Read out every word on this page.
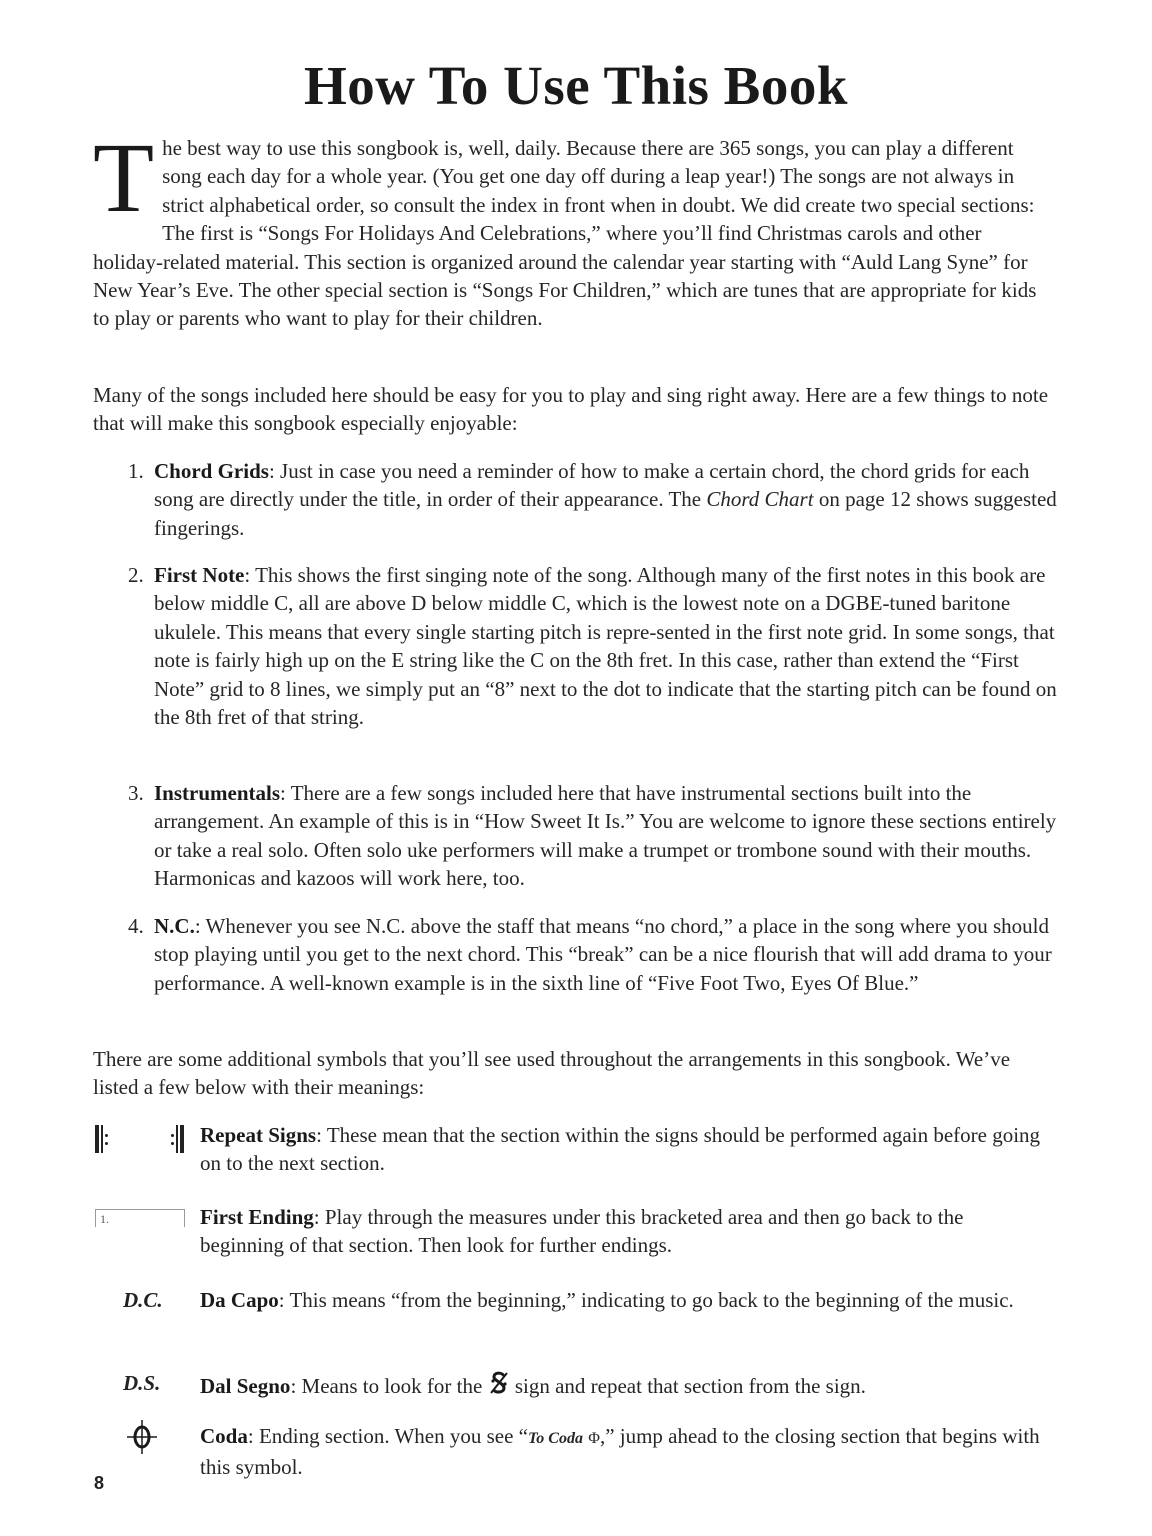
How To Use This Book

The best way to use this songbook is, well, daily. Because there are 365 songs, you can play a different song each day for a whole year. (You get one day off during a leap year!) The songs are not always in strict alphabetical order, so consult the index in front when in doubt. We did create two special sections: The first is “Songs For Holidays And Celebrations,” where you’ll find Christmas carols and other holiday-related material. This section is organized around the calendar year starting with “Auld Lang Syne” for New Year’s Eve. The other special section is “Songs For Children,” which are tunes that are appropriate for kids to play or parents who want to play for their children.

Many of the songs included here should be easy for you to play and sing right away. Here are a few things to note that will make this songbook especially enjoyable:

1. Chord Grids: Just in case you need a reminder of how to make a certain chord, the chord grids for each song are directly under the title, in order of their appearance. The Chord Chart on page 12 shows suggested fingerings.
2. First Note: This shows the first singing note of the song. Although many of the first notes in this book are below middle C, all are above D below middle C, which is the lowest note on a DGBE-tuned baritone ukulele. This means that every single starting pitch is repre-sented in the first note grid. In some songs, that note is fairly high up on the E string like the C on the 8th fret. In this case, rather than extend the “First Note” grid to 8 lines, we simply put an “8” next to the dot to indicate that the starting pitch can be found on the 8th fret of that string.
3. Instrumentals: There are a few songs included here that have instrumental sections built into the arrangement. An example of this is in “How Sweet It Is.” You are welcome to ignore these sections entirely or take a real solo. Often solo uke performers will make a trumpet or trombone sound with their mouths. Harmonicas and kazoos will work here, too.
4. N.C.: Whenever you see N.C. above the staff that means “no chord,” a place in the song where you should stop playing until you get to the next chord. This “break” can be a nice flourish that will add drama to your performance. A well-known example is in the sixth line of “Five Foot Two, Eyes Of Blue.”

There are some additional symbols that you’ll see used throughout the arrangements in this songbook. We’ve listed a few below with their meanings:

Repeat Signs: These mean that the section within the signs should be performed again before going on to the next section.
1.	First Ending: Play through the measures under this bracketed area and then go back to the beginning of that section. Then look for further endings.
D.C. Da Capo: This means “from the beginning,” indicating to go back to the beginning of the music.
D.S. Dal Segno: Means to look for the  sign and repeat that section from the sign.
Coda: Ending section. When you see “To Coda Φ,” jump ahead to the closing section that begins with this symbol.
8
